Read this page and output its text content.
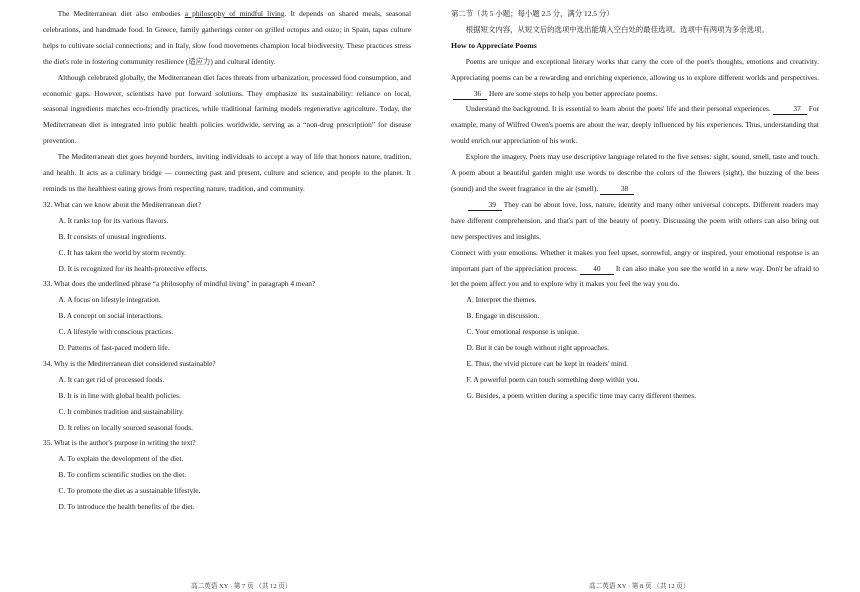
The Mediterranean diet also embodies a philosophy of mindful living. It depends on shared meals, seasonal celebrations, and handmade food. In Greece, family gatherings center on grilled octopus and ouzo; in Spain, tapas culture helps to cultivate social connections; and in Italy, slow food movements champion local biodiversity. These practices stress the diet's role in fostering community resilience (适应力) and cultural identity.

Although celebrated globally, the Mediterranean diet faces threats from urbanization, processed food consumption, and economic gaps. However, scientists have put forward solutions. They emphasize its sustainability: reliance on local, seasonal ingredients matches eco-friendly practices, while traditional farming models regenerative agriculture. Today, the Mediterranean diet is integrated into public health policies worldwide, serving as a “non-drug prescription” for disease prevention.

The Mediterranean diet goes beyond borders, inviting individuals to accept a way of life that honors nature, tradition, and health. It acts as a culinary bridge — connecting past and present, culture and science, and people to the planet. It reminds us the healthiest eating grows from respecting nature, tradition, and community.

32. What can we know about the Mediterranean diet?

A. It ranks top for its various flavors.

B. It consists of unusual ingredients.

C. It has taken the world by storm recently.

D. It is recognized for its health-protective effects.

33. What does the underlined phrase “a philosophy of mindful living” in paragraph 4 mean?

A. A focus on lifestyle integration.

B. A concept on social interactions.

C. A lifestyle with conscious practices.

D. Patterns of fast-paced modern life.

34. Why is the Mediterranean diet considered sustainable?

A. It can get rid of processed foods.

B. It is in line with global health policies.

C. It combines tradition and sustainability.

D. It relies on locally sourced seasonal foods.

35. What is the author's purpose in writing the text?

A. To explain the development of the diet.

B. To confirm scientific studies on the diet.

C. To promote the diet as a sustainable lifestyle.

D. To introduce the health benefits of the diet.

高二英语 XY · 第 7 页 （共 12 页）

第二节（共 5 小题；每小题 2.5 分，满分 12.5 分）

根据短文内容，从短文后的选项中选出能填入空白处的最佳选项。选项中有两项为多余选项。

How to Appreciate Poems

Poems are unique and exceptional literary works that carry the core of the poet's thoughts, emotions and creativity. Appreciating poems can be a rewarding and enriching experience, allowing us to explore different worlds and perspectives.36 Here are some steps to help you better appreciate poems.

Understand the background. It is essential to learn about the poets' life and their personal experiences.	37 For example, many of Wilfred Owen's poems are about the war, deeply influenced by his experiences. Thus, understanding that would enrich our appreciation of his work.

Explore the imagery. Poets may use descriptive language related to the five senses: sight, sound, smell, taste and touch. A poem about a beautiful garden might use words to describe the colors of the flowers (sight), the buzzing of the bees (sound) and the sweet fragrance in the air (smell).	38

39 They can be about love, loss, nature, identity and many other universal concepts. Different readers may have different comprehension, and that's part of the beauty of poetry. Discussing the poem with others can also bring out new perspectives and insights.

Connect with your emotions. Whether it makes you feel upset, sorrowful, angry or inspired, your emotional response is an important part of the appreciation process. 40 It can also make you see the world in a new way. Don't be afraid to let the poem affect you and to explore why it makes you feel the way you do.

A. Interpret the themes.

B. Engage in discussion.

C. Your emotional response is unique.

D. But it can be tough without right approaches.

E. Thus, the vivid picture can be kept in readers' mind.

F. A powerful poem can touch something deep within you.

G. Besides, a poem written during a specific time may carry different themes.

高二英语 XY · 第 8 页 （共 12 页）
